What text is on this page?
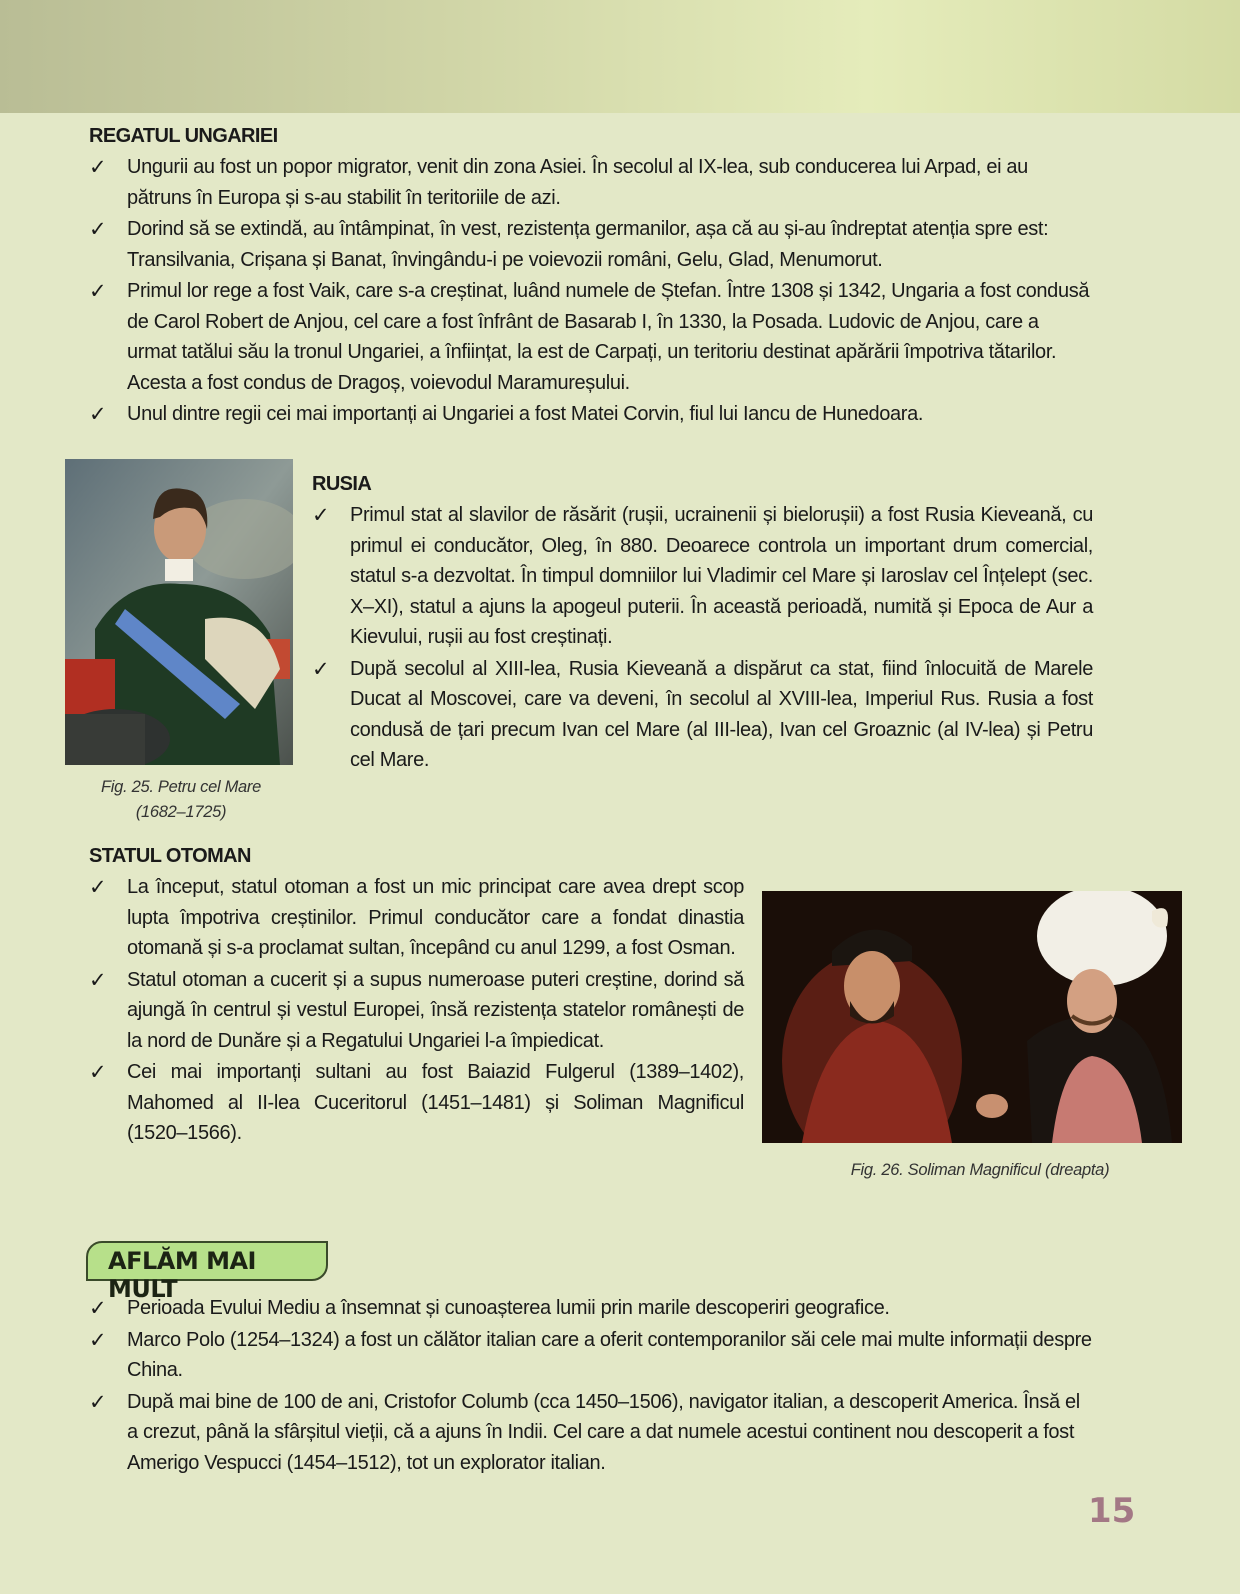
REGATUL UNGARIEI
✓ Ungurii au fost un popor migrator, venit din zona Asiei. În secolul al IX-lea, sub conducerea lui Arpad, ei au pătruns în Europa și s-au stabilit în teritoriile de azi.
✓ Dorind să se extindă, au întâmpinat, în vest, rezistența germanilor, așa că au și-au îndreptat atenția spre est: Transilvania, Crișana și Banat, învingându-i pe voievozii români, Gelu, Glad, Menumorut.
✓ Primul lor rege a fost Vaik, care s-a creștinat, luând numele de Ștefan. Între 1308 și 1342, Ungaria a fost condusă de Carol Robert de Anjou, cel care a fost înfrânt de Basarab I, în 1330, la Posada. Ludovic de Anjou, care a urmat tatălui său la tronul Ungariei, a înființat, la est de Carpați, un teritoriu destinat apărării împotriva tătarilor. Acesta a fost condus de Dragoș, voievodul Maramureșului.
✓ Unul dintre regii cei mai importanți ai Ungariei a fost Matei Corvin, fiul lui Iancu de Hunedoara.
Fig. 25. Petru cel Mare
(1682–1725)
RUSIA
✓ Primul stat al slavilor de răsărit (rușii, ucrainenii și bielorușii) a fost Rusia Kieveană, cu primul ei conducător, Oleg, în 880. Deoarece controla un important drum comercial, statul s-a dezvoltat. În timpul domniilor lui Vladimir cel Mare și Iaroslav cel Înțelept (sec. X–XI), statul a ajuns la apogeul puterii. În această perioadă, numită și Epoca de Aur a Kievului, rușii au fost creștinați.
✓ După secolul al XIII-lea, Rusia Kieveană a dispărut ca stat, fiind înlocuită de Marele Ducat al Moscovei, care va deveni, în secolul al XVIII-lea, Imperiul Rus. Rusia a fost condusă de țari precum Ivan cel Mare (al III-lea), Ivan cel Groaznic (al IV-lea) și Petru cel Mare.
STATUL OTOMAN
✓ La început, statul otoman a fost un mic principat care avea drept scop lupta împotriva creștinilor. Primul conducător care a fondat dinastia otomană și s-a proclamat sultan, începând cu anul 1299, a fost Osman.
✓ Statul otoman a cucerit și a supus numeroase puteri creștine, dorind să ajungă în centrul și vestul Europei, însă rezistența statelor românești de la nord de Dunăre și a Regatului Ungariei l-a împiedicat.
✓ Cei mai importanți sultani au fost Baiazid Fulgerul (1389–1402), Mahomed al II-lea Cuceritorul (1451–1481) și Soliman Magnificul (1520–1566).
Fig. 26. Soliman Magnificul (dreapta)
AFLĂM MAI MULT
✓ Perioada Evului Mediu a însemnat și cunoașterea lumii prin marile descoperiri geografice.
✓ Marco Polo (1254–1324) a fost un călător italian care a oferit contemporanilor săi cele mai multe informații despre China.
✓ După mai bine de 100 de ani, Cristofor Columb (cca 1450–1506), navigator italian, a descoperit America. Însă el a crezut, până la sfârșitul vieții, că a ajuns în Indii. Cel care a dat numele acestui continent nou descoperit a fost Amerigo Vespucci (1454–1512), tot un explorator italian.
15
